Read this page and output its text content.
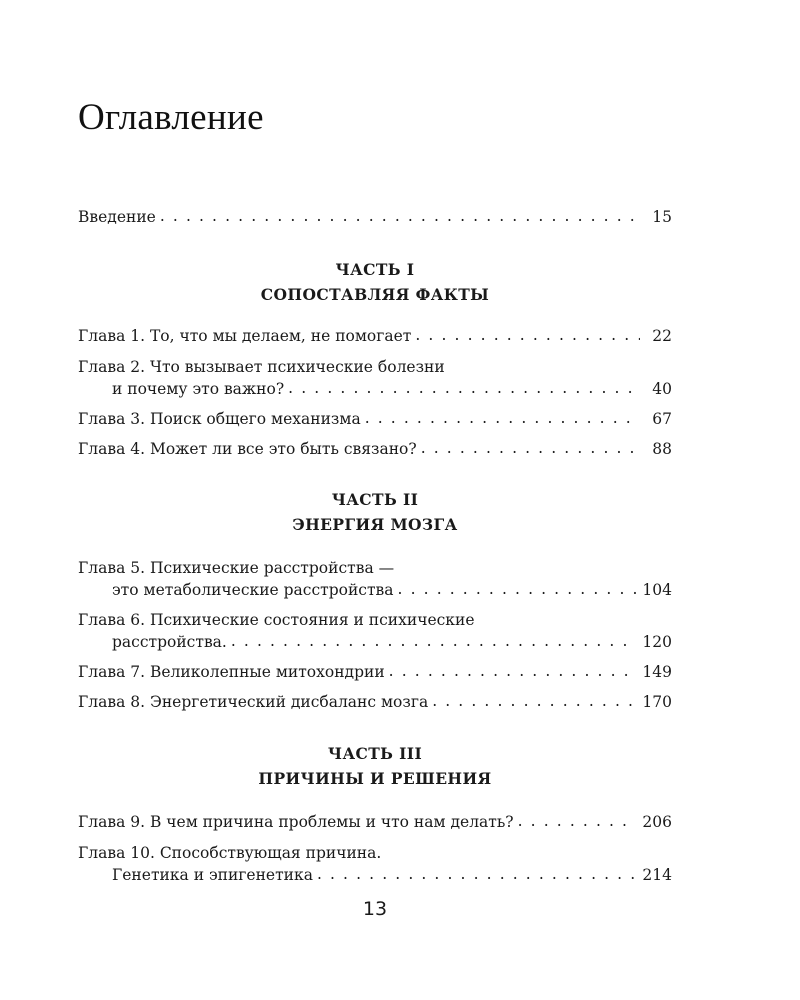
Оглавление
Введение . . .	15
ЧАСТЬ I
СОПОСТАВЛЯЯ ФАКТЫ
Глава 1. То, что мы делаем, не помогает . . .	22
Глава 2. Что вызывает психические болезни
и почему это важно? . . .	40
Глава 3. Поиск общего механизма . . .	67
Глава 4. Может ли все это быть связано? . . .	88
ЧАСТЬ II
ЭНЕРГИЯ МОЗГА
Глава 5. Психические расстройства —
это метаболические расстройства . . .	104
Глава 6. Психические состояния и психические
расстройства. . . .	120
Глава 7. Великолепные митохондрии . . .	149
Глава 8. Энергетический дисбаланс мозга . . .	170
ЧАСТЬ III
ПРИЧИНЫ И РЕШЕНИЯ
Глава 9. В чем причина проблемы и что нам делать? . . .	206
Глава 10. Способствующая причина.
Генетика и эпигенетика . . .	214
13
